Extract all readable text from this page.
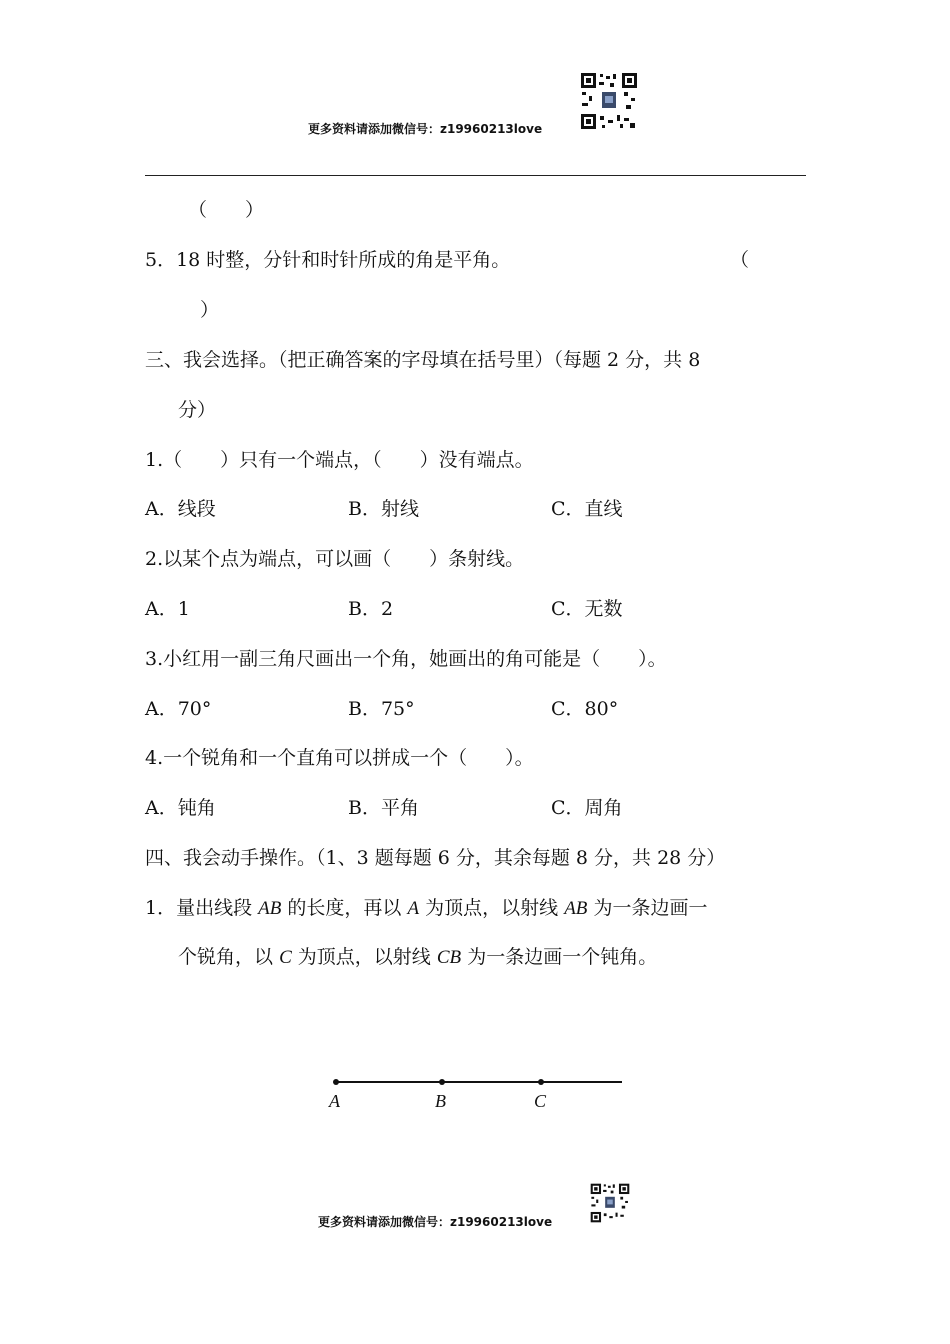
更多资料请添加微信号：z19960213love
（　　）
5．18 时整，分针和时针所成的角是平角。	（
）
三、我会选择。（把正确答案的字母填在括号里）（每题 2 分，共 8
分）
1.（　　）只有一个端点，（　　）没有端点。
A．线段	B．射线	C．直线
2.以某个点为端点，可以画（　　）条射线。
A．1	B．2	C．无数
3.小红用一副三角尺画出一个角，她画出的角可能是（　　）。
A．70°	B．75°	C．80°
4.一个锐角和一个直角可以拼成一个（　　）。
A．钝角	B．平角	C．周角
四、我会动手操作。（1、3 题每题 6 分，其余每题 8 分，共 28 分）
1．量出线段 AB 的长度，再以 A 为顶点，以射线 AB 为一条边画一
个锐角，以 C 为顶点，以射线 CB 为一条边画一个钝角。
A	B	C
更多资料请添加微信号：z19960213love
